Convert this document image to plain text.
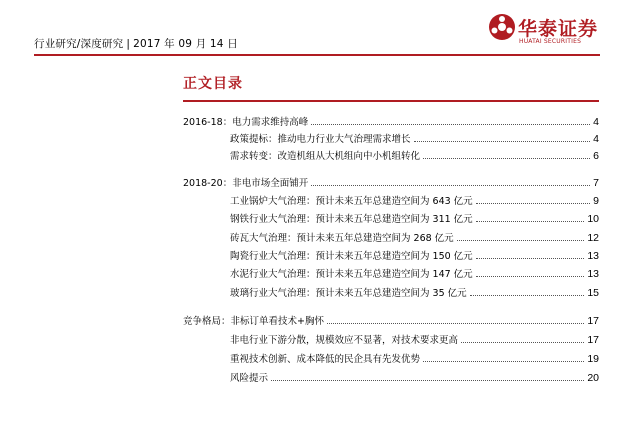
行业研究/深度研究 | 2017 年 09 月 14 日
华泰证券
HUATAI SECURITIES
正文目录
2016-18：电力需求维持高峰	4
政策提标：推动电力行业大气治理需求增长	4
需求转变：改造机组从大机组向中小机组转化	6
2018-20：非电市场全面铺开	7
工业锅炉大气治理：预计未来五年总建造空间为 643 亿元	9
钢铁行业大气治理：预计未来五年总建造空间为 311 亿元	10
砖瓦大气治理：预计未来五年总建造空间为 268 亿元	12
陶瓷行业大气治理：预计未来五年总建造空间为 150 亿元	13
水泥行业大气治理：预计未来五年总建造空间为 147 亿元	13
玻璃行业大气治理：预计未来五年总建造空间为 35 亿元	15
竞争格局：非标订单看技术+胸怀	17
非电行业下游分散，规模效应不显著，对技术要求更高	17
重视技术创新、成本降低的民企具有先发优势	19
风险提示	20
